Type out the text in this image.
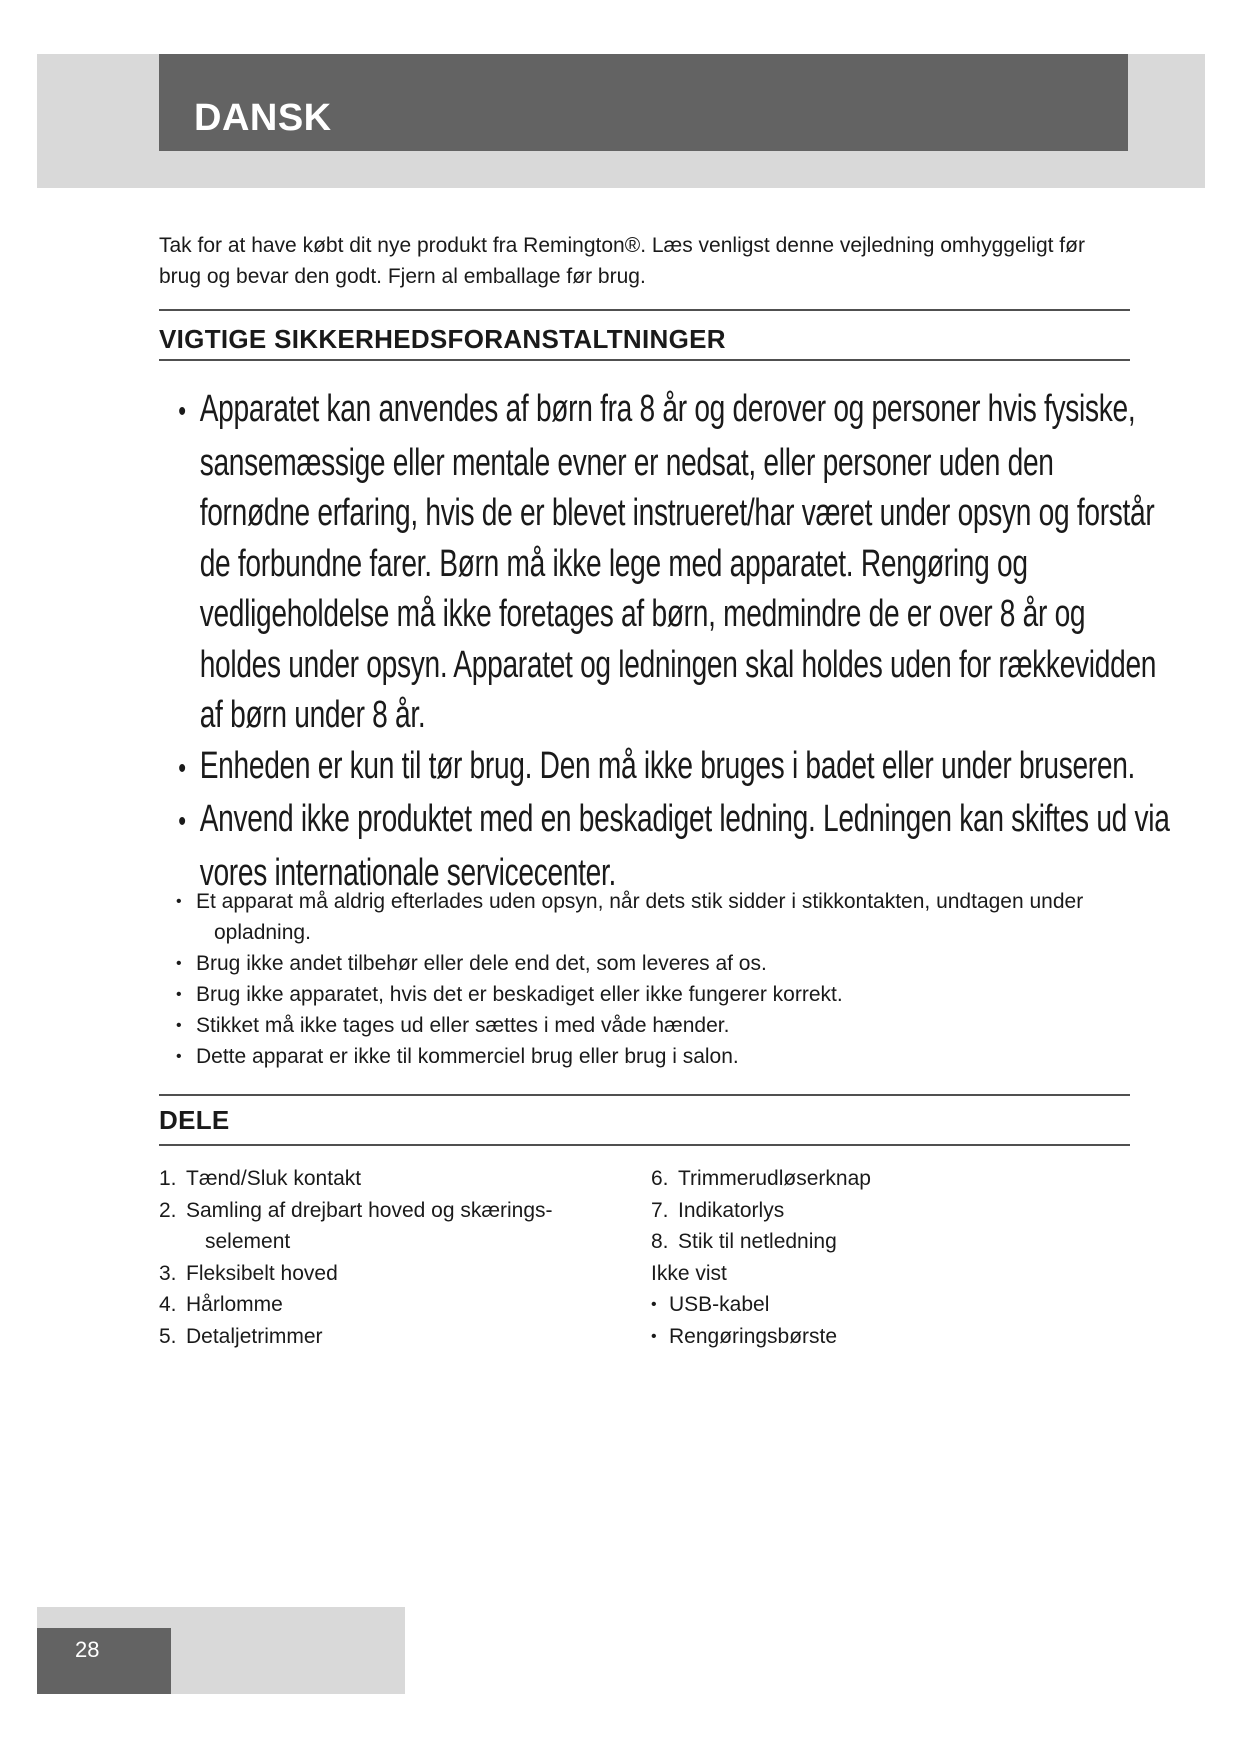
DANSK

Tak for at have købt dit nye produkt fra Remington®. Læs venligst denne vejledning omhyggeligt før brug og bevar den godt. Fjern al emballage før brug.

VIGTIGE SIKKERHEDSFORANSTALTNINGER
• Apparatet kan anvendes af børn fra 8 år og derover og personer hvis fysiske, sansemæssige eller mentale evner er nedsat, eller personer uden den fornødne erfaring, hvis de er blevet instrueret/har været under opsyn og forstår de forbundne farer. Børn må ikke lege med apparatet. Rengøring og vedligeholdelse må ikke foretages af børn, medmindre de er over 8 år og holdes under opsyn. Apparatet og ledningen skal holdes uden for rækkevidden af børn under 8 år.
• Enheden er kun til tør brug. Den må ikke bruges i badet eller under bruseren.
• Anvend ikke produktet med en beskadiget ledning. Ledningen kan skiftes ud via vores internationale servicecenter.
• Et apparat må aldrig efterlades uden opsyn, når dets stik sidder i stikkontakten, undtagen under opladning.
• Brug ikke andet tilbehør eller dele end det, som leveres af os.
• Brug ikke apparatet, hvis det er beskadiget eller ikke fungerer korrekt.
• Stikket må ikke tages ud eller sættes i med våde hænder.
• Dette apparat er ikke til kommerciel brug eller brug i salon.
DELE
1. Tænd/Sluk kontakt
2. Samling af drejbart hoved og skærings-
selement
3. Fleksibelt hoved
4. Hårlomme
5. Detaljetrimmer
6. Trimmerudløserknap
7. Indikatorlys
8. Stik til netledning
Ikke vist
• USB-kabel
• Rengøringsbørste

28
